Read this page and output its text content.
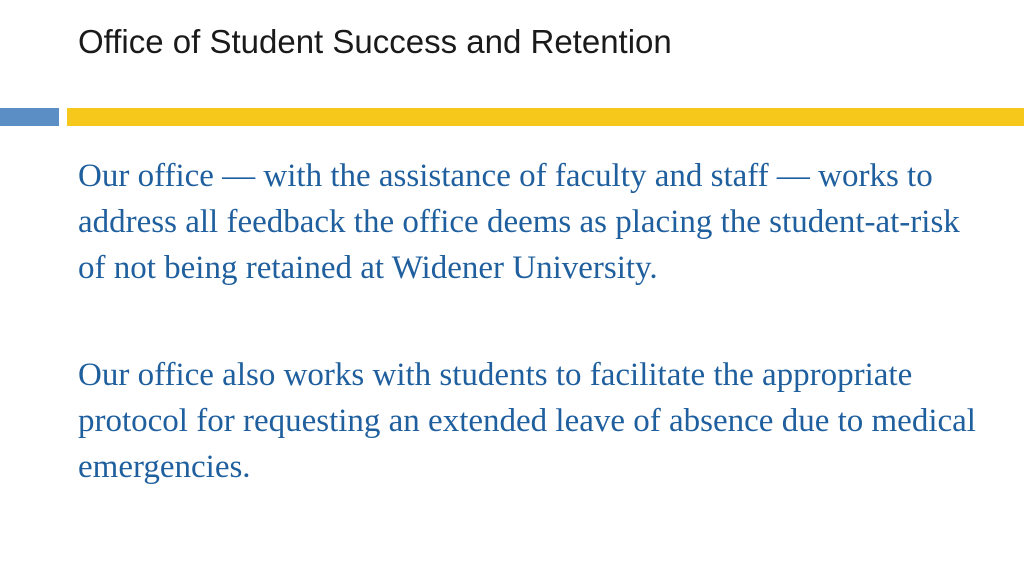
Office of Student Success and Retention

Our office — with the assistance of faculty and staff — works to address all feedback the office deems as placing the student-at-risk of not being retained at Widener University.

Our office also works with students to facilitate the appropriate protocol for requesting an extended leave of absence due to medical emergencies.
